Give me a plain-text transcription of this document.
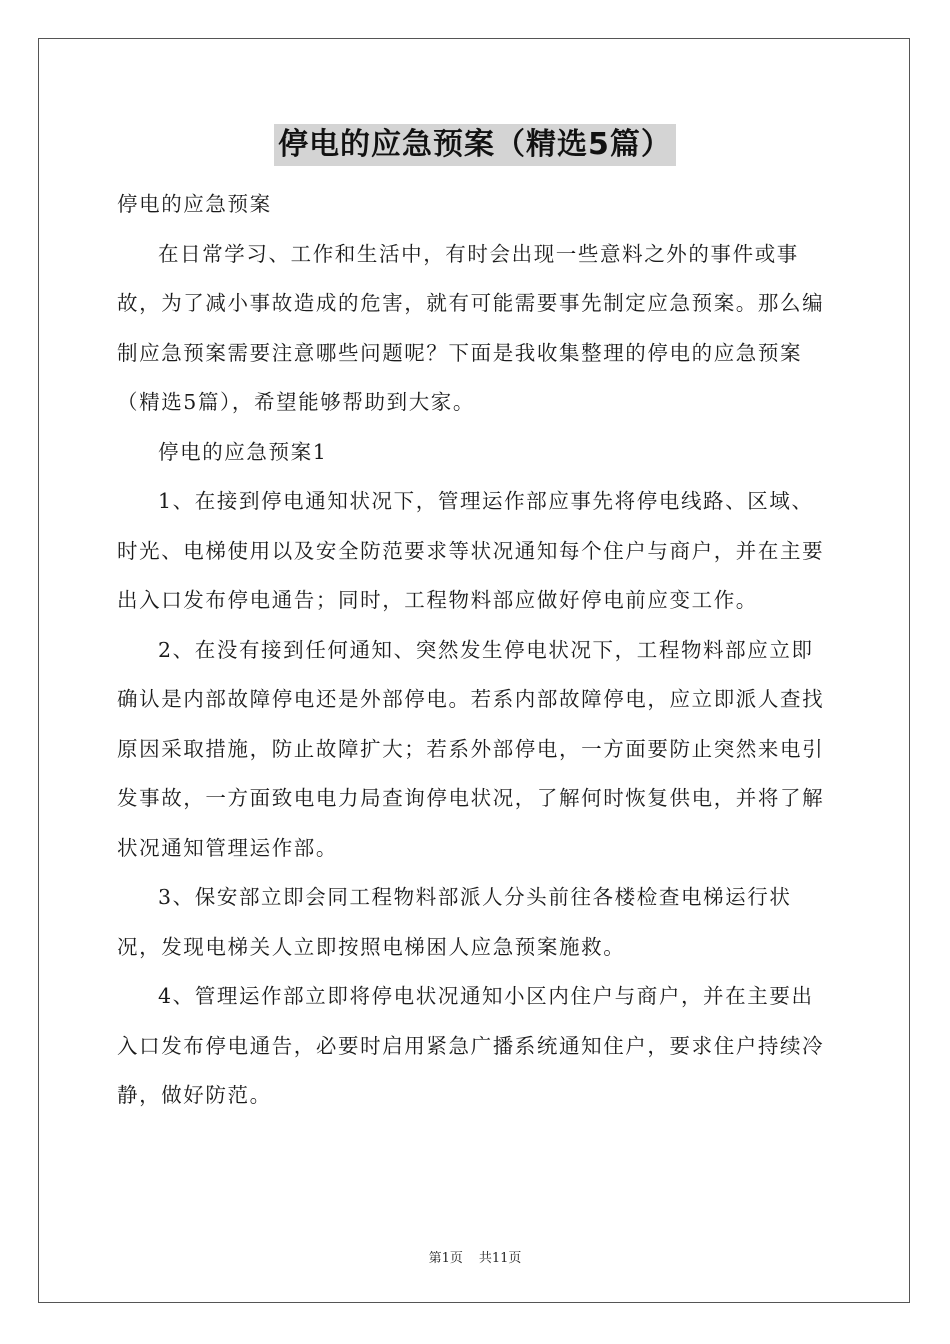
停电的应急预案（精选5篇）

停电的应急预案

在日常学习、工作和生活中，有时会出现一些意料之外的事件或事故，为了减小事故造成的危害，就有可能需要事先制定应急预案。那么编制应急预案需要注意哪些问题呢？下面是我收集整理的停电的应急预案（精选5篇），希望能够帮助到大家。

停电的应急预案1

1、在接到停电通知状况下，管理运作部应事先将停电线路、区域、时光、电梯使用以及安全防范要求等状况通知每个住户与商户，并在主要出入口发布停电通告；同时，工程物料部应做好停电前应变工作。

2、在没有接到任何通知、突然发生停电状况下，工程物料部应立即确认是内部故障停电还是外部停电。若系内部故障停电，应立即派人查找原因采取措施，防止故障扩大；若系外部停电，一方面要防止突然来电引发事故，一方面致电电力局查询停电状况，了解何时恢复供电，并将了解状况通知管理运作部。

3、保安部立即会同工程物料部派人分头前往各楼检查电梯运行状况，发现电梯关人立即按照电梯困人应急预案施救。

4、管理运作部立即将停电状况通知小区内住户与商户，并在主要出入口发布停电通告，必要时启用紧急广播系统通知住户，要求住户持续冷静，做好防范。

第1页 共11页
